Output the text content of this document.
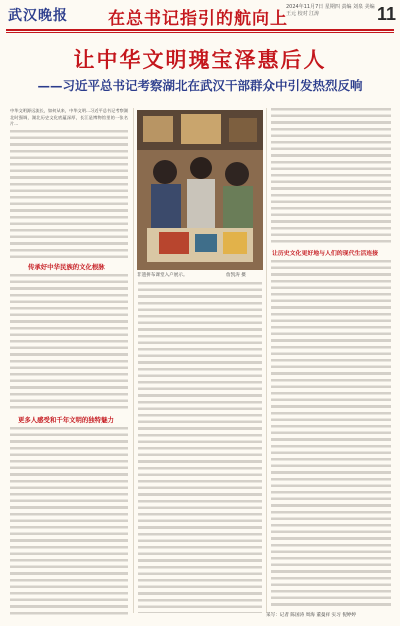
武汉晚报 在总书记指引的航向上
2024年11月7日 星期四 责编 刘泉 美编 王元 校对 江涛	11
让中华文明瑰宝泽惠后人
——习近平总书记考察湖北在武汉干部群众中引发热烈反响
中华文明源远流长，如何从来，中华文明...习近平总书记考察湖北时强调，湖北历史文化底蕴深厚，长江是博物馆里的一张名片...
传承好中华民族的文化根脉
更多人感受和千年文明的独特魅力
非遗拼布课堂入户展示。	詹凯涛 摄
让历史文化更好地与人们的现代生活连接
采写：记者 陈国涛 周海 董曼祥 实习 倪婷婷
